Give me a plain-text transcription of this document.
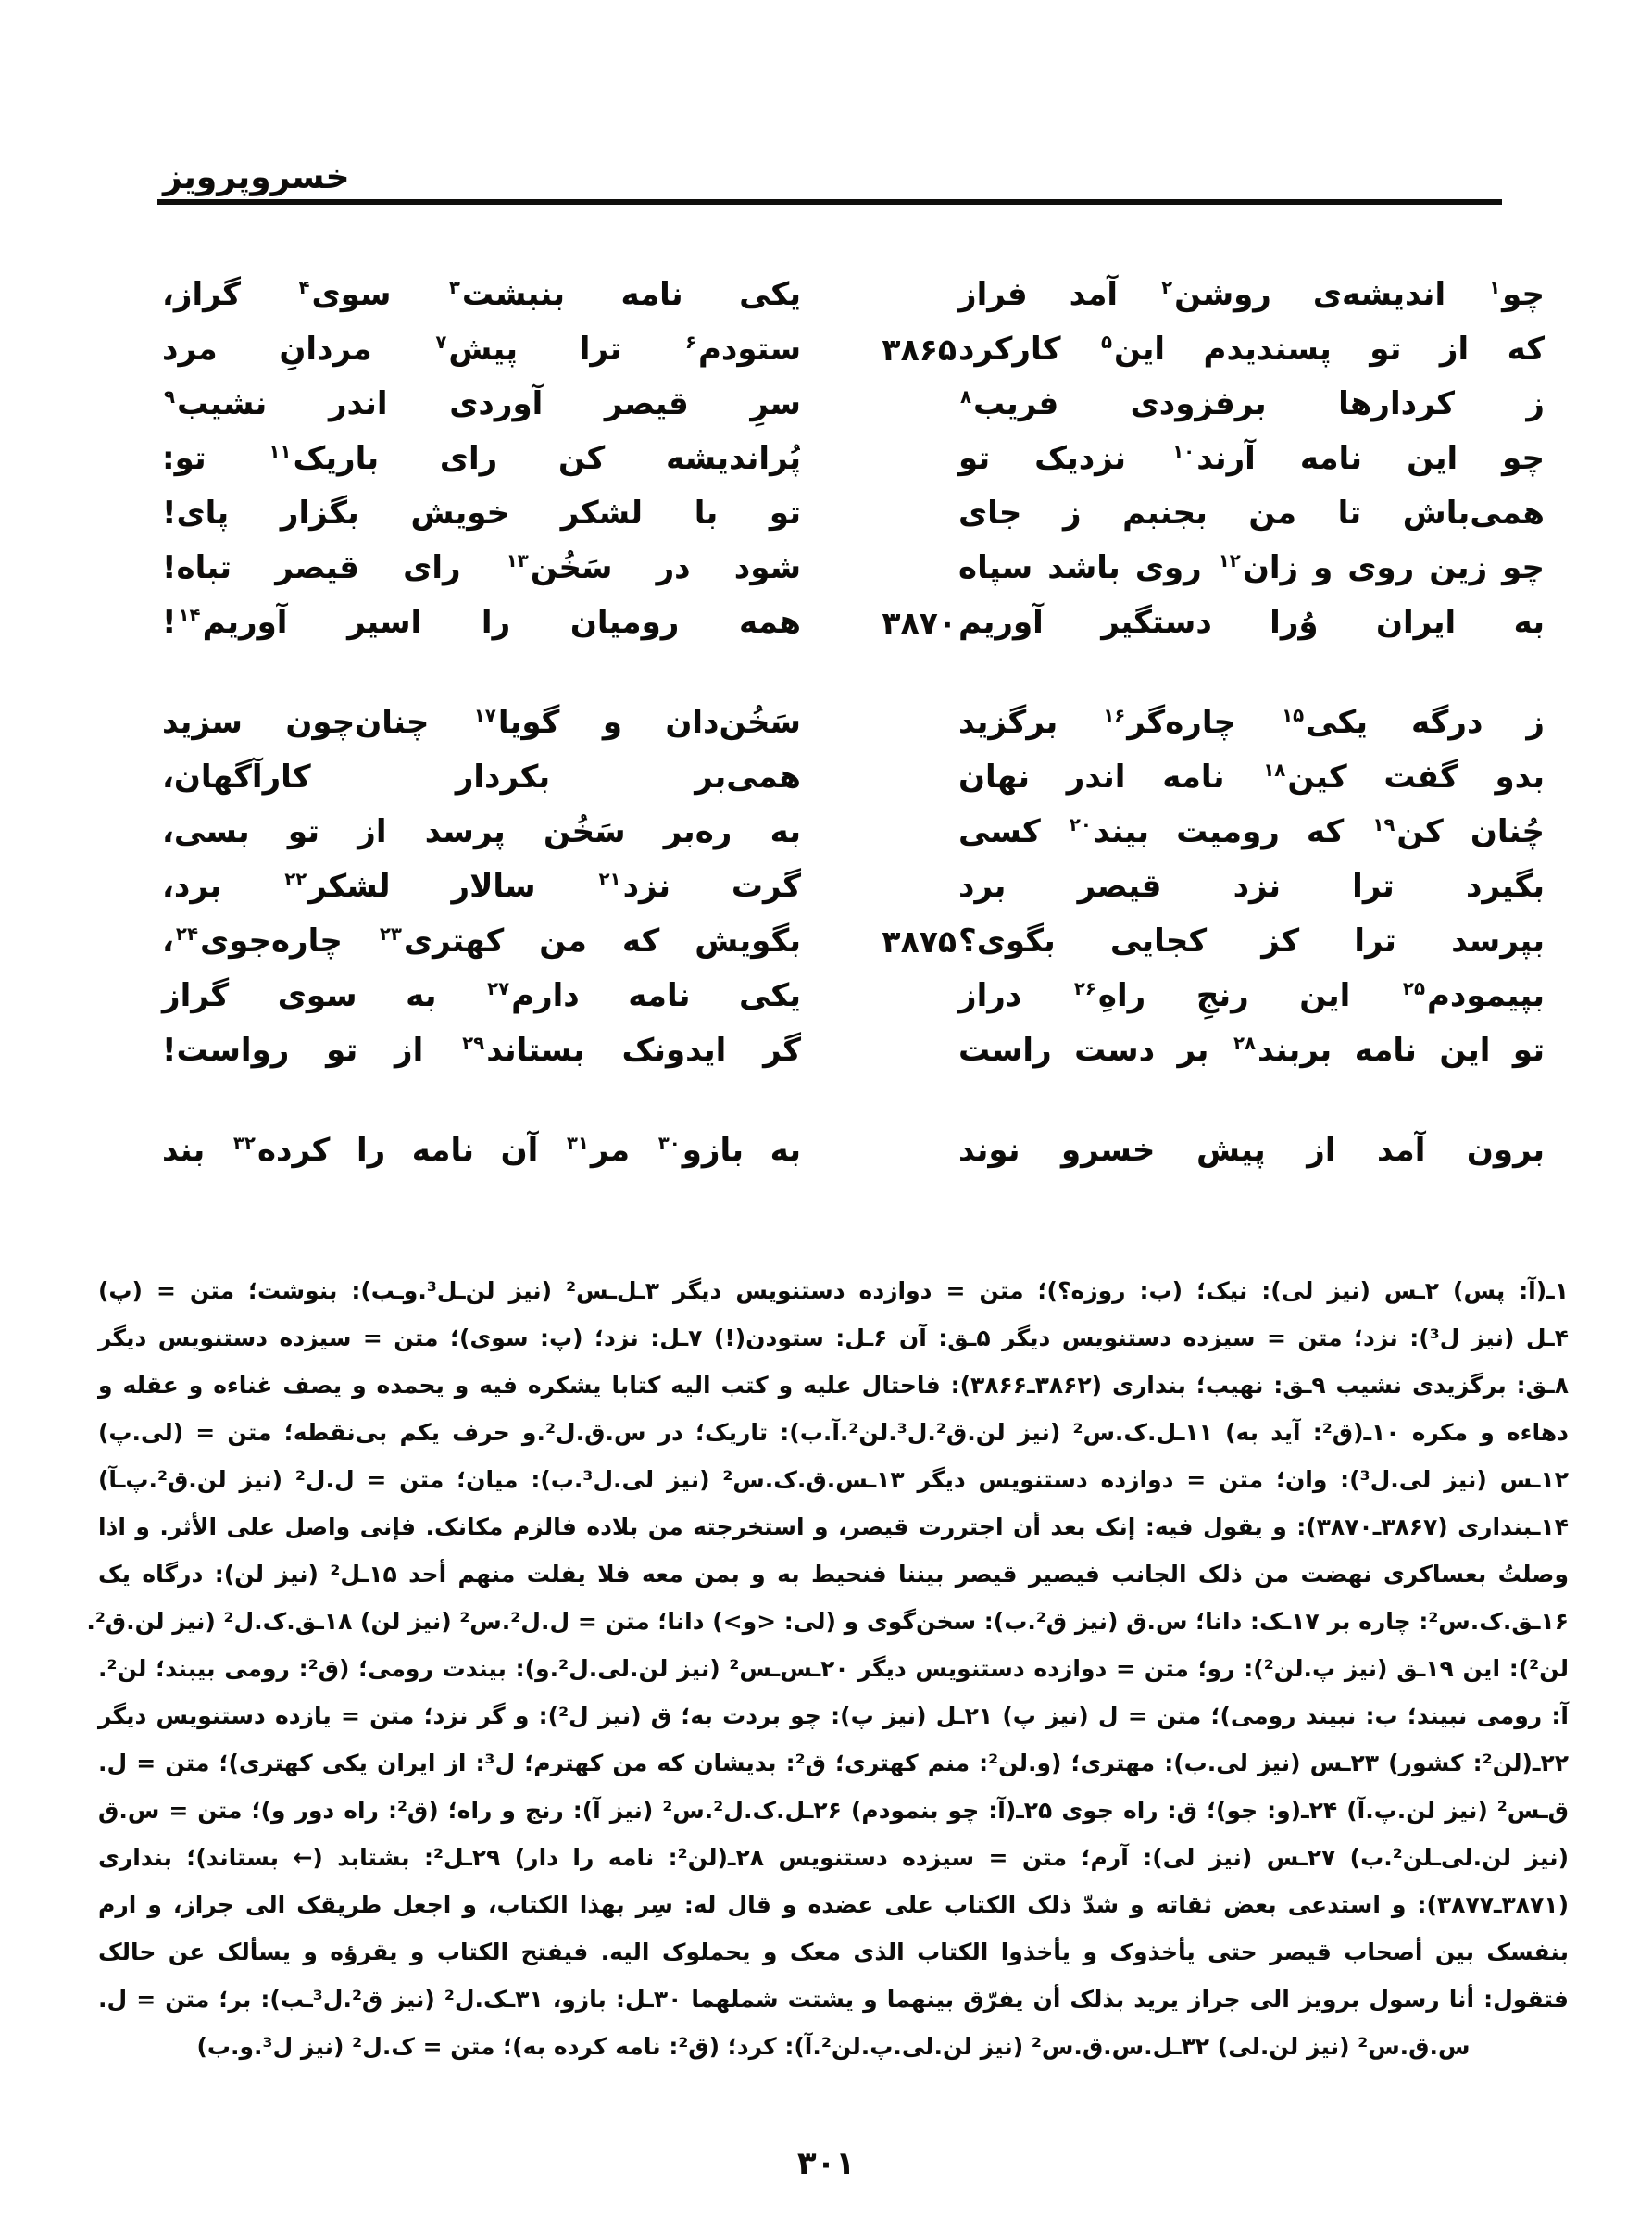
خسروپرویز
چو$^۱$ اندیشه‌ی روشن$^۲$ آمد فراز
یکی نامه بنبشت$^۳$ سوی$^۴$ گراز،
که از تو پسندیدم این$^۵$ کارکرد
۳۸۶۵
ستودم$^۶$ ترا پیش$^۷$ مردانِ مرد
ز کردارها برفزودی فریب$^۸$
سرِ قیصر آوردی اندر نشیب$^۹$
چو این نامه آرند$^{۱۰}$ نزدیک تو
پُراندیشه کن رای باریک$^{۱۱}$ تو:
همی‌باش تا من بجنبم ز جای
تو با لشکر خویش بگزار پای!
چو زین روی و زان$^{۱۲}$ روی باشد سپاه
شود در سَخُن$^{۱۳}$ رای قیصر تباه!
به ایران وُرا دستگیر آوریم
۳۸۷۰
همه رومیان را اسیر آوریم$^{۱۴}$!
ز درگه یکی$^{۱۵}$ چاره‌گر$^{۱۶}$ برگزید
سَخُن‌دان و گویا$^{۱۷}$ چنان‌چون سزید
بدو گفت کین$^{۱۸}$ نامه اندر نهان
همی‌بر بکردار کارآگهان،
چُنان کن$^{۱۹}$ که رومیت بیند$^{۲۰}$ کسی
به ره‌بر سَخُن پرسد از تو بسی،
بگیرد ترا نزد قیصر برد
گرت نزد$^{۲۱}$ سالار لشکر$^{۲۲}$ برد،
بپرسد ترا کز کجایی بگوی؟
۳۸۷۵
بگویش که من کهتری$^{۲۳}$ چاره‌جوی$^{۲۴}$،
بپیمودم$^{۲۵}$ این رنجِ راهِ$^{۲۶}$ دراز
یکی نامه دارم$^{۲۷}$ به سوی گراز
تو این نامه بربند$^{۲۸}$ بر دست راست
گر ایدونک بستاند$^{۲۹}$ از تو رواست!
برون آمد از پیش خسرو نوند
به بازو$^{۳۰}$ مر$^{۳۱}$ آن نامه را کرده$^{۳۲}$ بند
۱ـ(آ: پس) ۲ـس (نیز لی): نیک؛ (ب: روزه؟)؛ متن = دوازده دستنویس دیگر ۳ـل‌ـس² (نیز لن‌ـل³.و‌ـب): بنوشت؛ متن = (پ)
۴ـل (نیز ل³): نزد؛ متن = سیزده دستنویس دیگر ۵ـق: آن ۶ـل: ستودن(!) ۷ـل: نزد؛ (پ: سوی)؛ متن = سیزده دستنویس دیگر
۸ـق: برگزیدی نشیب ۹ـق: نهیب؛ بنداری (۳۸۶۲ـ۳۸۶۶): فاحتال علیه و کتب الیه کتابا یشکره فیه و یحمده و یصف غناءه و عقله و
دهاءه و مکره ۱۰ـ(ق²: آید به) ۱۱ـل.ک.س² (نیز لن.ق².ل³.لن².آ.ب): تاریک؛ در س.ق.ل².و حرف یکم بی‌نقطه؛ متن = (لی.پ)
۱۲ـس (نیز لی.ل³): وان؛ متن = دوازده دستنویس دیگر ۱۳ـس.ق.ک.س² (نیز لی.ل³.ب): میان؛ متن = ل.ل² (نیز لن.ق².پ‌ـآ)
۱۴ـبنداری (۳۸۶۷ـ۳۸۷۰): و یقول فیه: إنک بعد أن اجتررت قیصر، و استخرجته من بلاده فالزم مکانک. فإنی واصل علی الأثر. و اذا
وصلتُ بعساکری نهضت من ذلک الجانب فیصیر قیصر بیننا فنحیط به و بمن معه فلا یفلت منهم أحد ۱۵ـل² (نیز لن): درگاه یک
۱۶ـق.ک.س²: چاره بر ۱۷ـک: دانا؛ س.ق (نیز ق².ب): سخن‌گوی و (لی: <و>) دانا؛ متن = ل.ل².س² (نیز لن) ۱۸ـق.ک.ل² (نیز لن.ق².
لن²): این ۱۹ـق (نیز پ.لن²): رو؛ متن = دوازده دستنویس دیگر ۲۰ـس‌ـس² (نیز لن.لی.ل².و): بیندت رومی؛ (ق²: رومی بیبند؛ لن².
آ: رومی نبیند؛ ب: نبیند رومی)؛ متن = ل (نیز پ) ۲۱ـل (نیز پ): چو بردت به؛ ق (نیز ل²): و گر نزد؛ متن = یازده دستنویس دیگر
۲۲ـ(لن²: کشور) ۲۳ـس (نیز لی.ب): مهتری؛ (و.لن²: منم کهتری؛ ق²: بدیشان که من کهترم؛ ل³: از ایران یکی کهتری)؛ متن = ل.
ق‌ـس² (نیز لن.پ.آ) ۲۴ـ(و: جو)؛ ق: راه جوی ۲۵ـ(آ: چو بنمودم) ۲۶ـل.ک.ل².س² (نیز آ): رنج و راه؛ (ق²: راه دور و)؛ متن = س.ق
(نیز لن.لی‌ـلن².ب) ۲۷ـس (نیز لی): آرم؛ متن = سیزده دستنویس ۲۸ـ(لن²: نامه را دار) ۲۹ـل²: بشتابد (← بستاند)؛ بنداری
(۳۸۷۱ـ۳۸۷۷): و استدعی بعض ثقاته و شدّ ذلک الکتاب علی عضده و قال له: سِر بهذا الکتاب، و اجعل طریقک الی جراز، و ارم
بنفسک بین أصحاب قیصر حتی یأخذوک و یأخذوا الکتاب الذی معک و یحملوک الیه. فیفتح الکتاب و یقرؤه و یسألک عن حالک
فتقول: أنا رسول برویز الی جراز یرید بذلک أن یفرّق بینهما و یشتت شملهما ۳۰ـل: بازو، ۳۱ـک.ل² (نیز ق².ل³‌ـب): بر؛ متن = ل.
س.ق.س² (نیز لن.لی) ۳۲ـل.س.ق.س² (نیز لن.لی.پ.لن².آ): کرد؛ (ق²: نامه کرده به)؛ متن = ک.ل² (نیز ل³.و.ب)
۳۰۱
